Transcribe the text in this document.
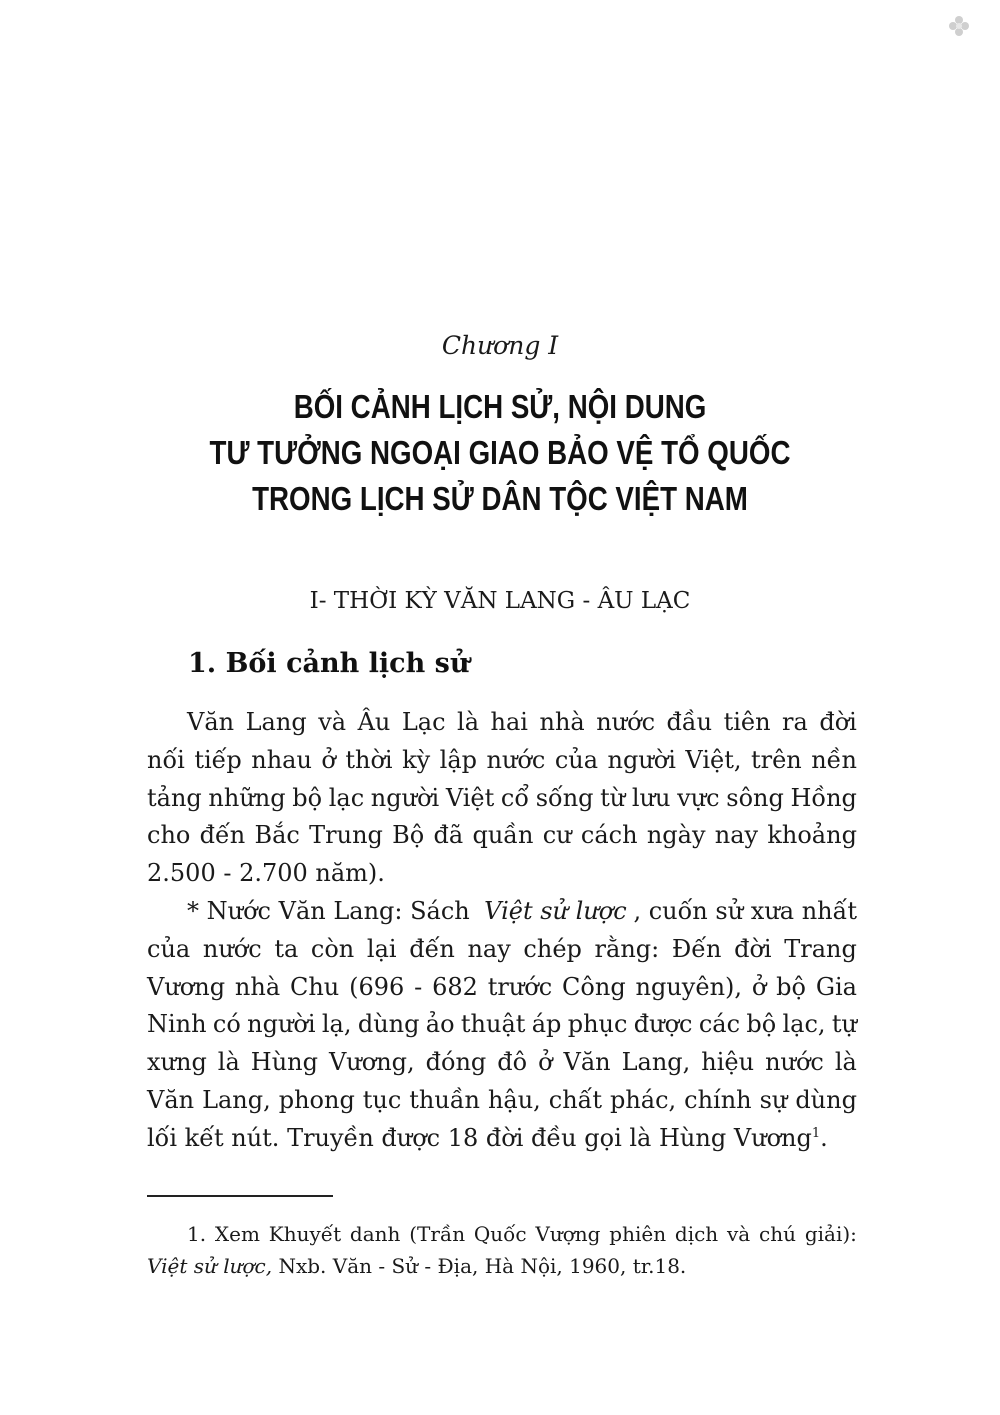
Chương I
BỐI CẢNH LỊCH SỬ, NỘI DUNG
TƯ TƯỞNG NGOẠI GIAO BẢO VỆ TỔ QUỐC
TRONG LỊCH SỬ DÂN TỘC VIỆT NAM
I- THỜI KỲ VĂN LANG - ÂU LẠC
1. Bối cảnh lịch sử
Văn Lang và Âu Lạc là hai nhà nước đầu tiên ra đời
nối tiếp nhau ở thời kỳ lập nước của người Việt, trên nền
tảng những bộ lạc người Việt cổ sống từ lưu vực sông Hồng
cho đến Bắc Trung Bộ đã quần cư cách ngày nay khoảng
2.500 - 2.700 năm).
* Nước Văn Lang: Sách Việt sử lược , cuốn sử xưa nhất
của nước ta còn lại đến nay chép rằng: Đến đời Trang
Vương nhà Chu (696 - 682 trước Công nguyên), ở bộ Gia
Ninh có người lạ, dùng ảo thuật áp phục được các bộ lạc, tự
xưng là Hùng Vương, đóng đô ở Văn Lang, hiệu nước là
Văn Lang, phong tục thuần hậu, chất phác, chính sự dùng
lối kết nút. Truyền được 18 đời đều gọi là Hùng Vương$^1$.
1. Xem Khuyết danh (Trần Quốc Vượng phiên dịch và chú giải):
Việt sử lược, Nxb. Văn - Sử - Địa, Hà Nội, 1960, tr.18.
